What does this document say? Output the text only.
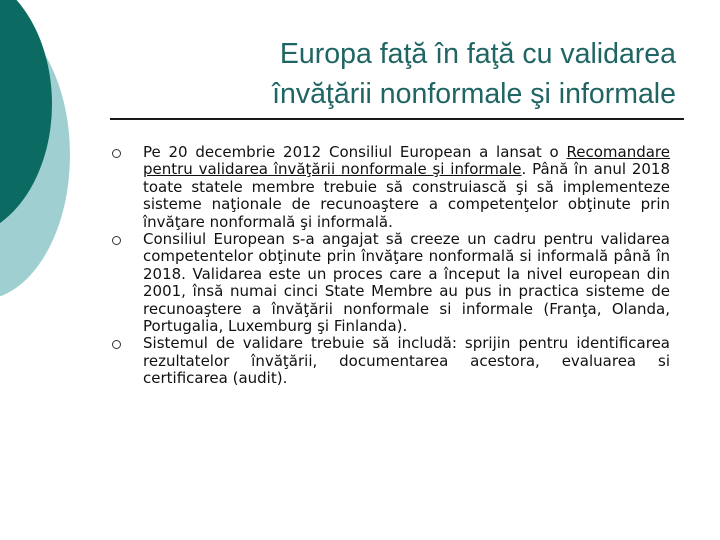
Europa faţă în faţă cu validarea
învăţării nonformale şi informale
Pe 20 decembrie 2012 Consiliul European a lansat o Recomandare pentru validarea învăţării nonformale şi informale. Până în anul 2018 toate statele membre trebuie să construiască şi să implementeze sisteme naţionale de recunoaştere a competenţelor obţinute prin învăţare nonformală şi informală.
Consiliul European s-a angajat să creeze un cadru pentru validarea competentelor obţinute prin învăţare nonformală si informală până în 2018. Validarea este un proces care a început la nivel european din 2001, însă numai cinci State Membre au pus in practica sisteme de recunoaştere a învăţării nonformale si informale (Franţa, Olanda, Portugalia, Luxemburg şi Finlanda).
Sistemul de validare trebuie să includă: sprijin pentru identificarea rezultatelor învăţării, documentarea acestora, evaluarea si certificarea (audit).
